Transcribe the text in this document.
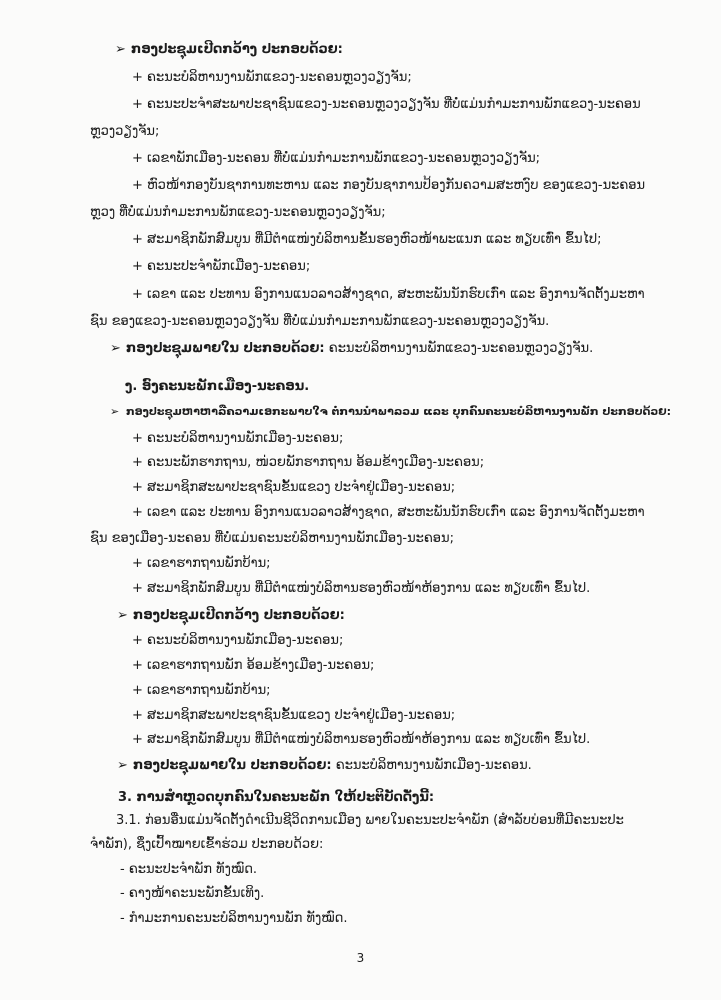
➢ ກອງປະຊຸມເປີດກວ້າງ ປະກອບດ້ວຍ:
+ ຄະນະບໍລິຫານງານພັກແຂວງ-ນະຄອນຫຼວງວຽງຈັນ;
+ ຄະນະປະຈຳສະພາປະຊາຊົນແຂວງ-ນະຄອນຫຼວງວຽງຈັນ ທີ່ບໍ່ແມ່ນກຳມະການພັກແຂວງ-ນະຄອນ
ຫຼວງວຽງຈັນ;
+ ເລຂາພັກເມືອງ-ນະຄອນ ທີ່ບໍ່ແມ່ນກຳມະການພັກແຂວງ-ນະຄອນຫຼວງວຽງຈັນ;
+ ຫົວໜ້າກອງບັນຊາການທະຫານ ແລະ ກອງບັນຊາການປ້ອງກັນຄວາມສະຫງົບ ຂອງແຂວງ-ນະຄອນ
ຫຼວງ ທີ່ບໍ່ແມ່ນກຳມະການພັກແຂວງ-ນະຄອນຫຼວງວຽງຈັນ;
+ ສະມາຊິກພັກສົມບູນ ທີ່ມີຕຳແໜ່ງບໍລິຫານຂັ້ນຮອງຫົວໜ້າພະແນກ ແລະ ທຽບເທົ່າ ຂຶ້ນໄປ;
+ ຄະນະປະຈຳພັກເມືອງ-ນະຄອນ;
+ ເລຂາ ແລະ ປະທານ ອົງການແນວລາວສ້າງຊາດ, ສະຫະພັນນັກຮົບເກົ່າ ແລະ ອົງການຈັດຕັ້ງມະຫາ
ຊົນ ຂອງແຂວງ-ນະຄອນຫຼວງວຽງຈັນ ທີ່ບໍ່ແມ່ນກຳມະການພັກແຂວງ-ນະຄອນຫຼວງວຽງຈັນ.
➢ ກອງປະຊຸມພາຍໃນ ປະກອບດ້ວຍ: ຄະນະບໍລິຫານງານພັກແຂວງ-ນະຄອນຫຼວງວຽງຈັນ.
ງ. ອົງຄະນະພັກເມືອງ-ນະຄອນ.
➢ ກອງປະຊຸມຫາຫາລືຄວາມເອກະພາບໃຈ ຕໍ່ການນຳພາລວມ ແລະ ບຸກຄົນຄະນະບໍລິຫານງານພັກ ປະກອບດ້ວຍ:
+ ຄະນະບໍລິຫານງານພັກເມືອງ-ນະຄອນ;
+ ຄະນະພັກຮາກຖານ, ໜ່ວຍພັກຮາກຖານ ອ້ອມຂ້າງເມືອງ-ນະຄອນ;
+ ສະມາຊິກສະພາປະຊາຊົນຂັ້ນແຂວງ ປະຈຳຢູ່ເມືອງ-ນະຄອນ;
+ ເລຂາ ແລະ ປະທານ ອົງການແນວລາວສ້າງຊາດ, ສະຫະພັນນັກຮົບເກົ່າ ແລະ ອົງການຈັດຕັ້ງມະຫາ
ຊົນ ຂອງເມືອງ-ນະຄອນ ທີ່ບໍ່ແມ່ນຄະນະບໍລິຫານງານພັກເມືອງ-ນະຄອນ;
+ ເລຂາຮາກຖານພັກບ້ານ;
+ ສະມາຊິກພັກສົມບູນ ທີ່ມີຕຳແໜ່ງບໍລິຫານຮອງຫົວໜ້າຫ້ອງການ ແລະ ທຽບເທົ່າ ຂຶ້ນໄປ.
➢ ກອງປະຊຸມເປີດກວ້າງ ປະກອບດ້ວຍ:
+ ຄະນະບໍລິຫານງານພັກເມືອງ-ນະຄອນ;
+ ເລຂາຮາກຖານພັກ ອ້ອມຂ້າງເມືອງ-ນະຄອນ;
+ ເລຂາຮາກຖານພັກບ້ານ;
+ ສະມາຊິກສະພາປະຊາຊົນຂັ້ນແຂວງ ປະຈຳຢູ່ເມືອງ-ນະຄອນ;
+ ສະມາຊິກພັກສົມບູນ ທີ່ມີຕຳແໜ່ງບໍລິຫານຮອງຫົວໜ້າຫ້ອງການ ແລະ ທຽບເທົ່າ ຂຶ້ນໄປ.
➢ ກອງປະຊຸມພາຍໃນ ປະກອບດ້ວຍ: ຄະນະບໍລິຫານງານພັກເມືອງ-ນະຄອນ.
3. ການສຳຫຼວດບຸກຄົນໃນຄະນະພັກ ໃຫ້ປະຕິບັດດັ່ງນີ້:
3.1. ກ່ອນອື່ນແມ່ນຈັດຕັ້ງດຳເນີນຊີວິດການເມືອງ ພາຍໃນຄະນະປະຈຳພັກ (ສຳລັບບ່ອນທີ່ມີຄະນະປະ
ຈຳພັກ), ຊຶ່ງເປົ້າໝາຍເຂົ້າຮ່ວມ ປະກອບດ້ວຍ:
- ຄະນະປະຈຳພັກ ທັງໝົດ.
- ຄາງໜ້າຄະນະພັກຂັ້ນເທິງ.
- ກຳມະການຄະນະບໍລິຫານງານພັກ ທັງໝົດ.
3
